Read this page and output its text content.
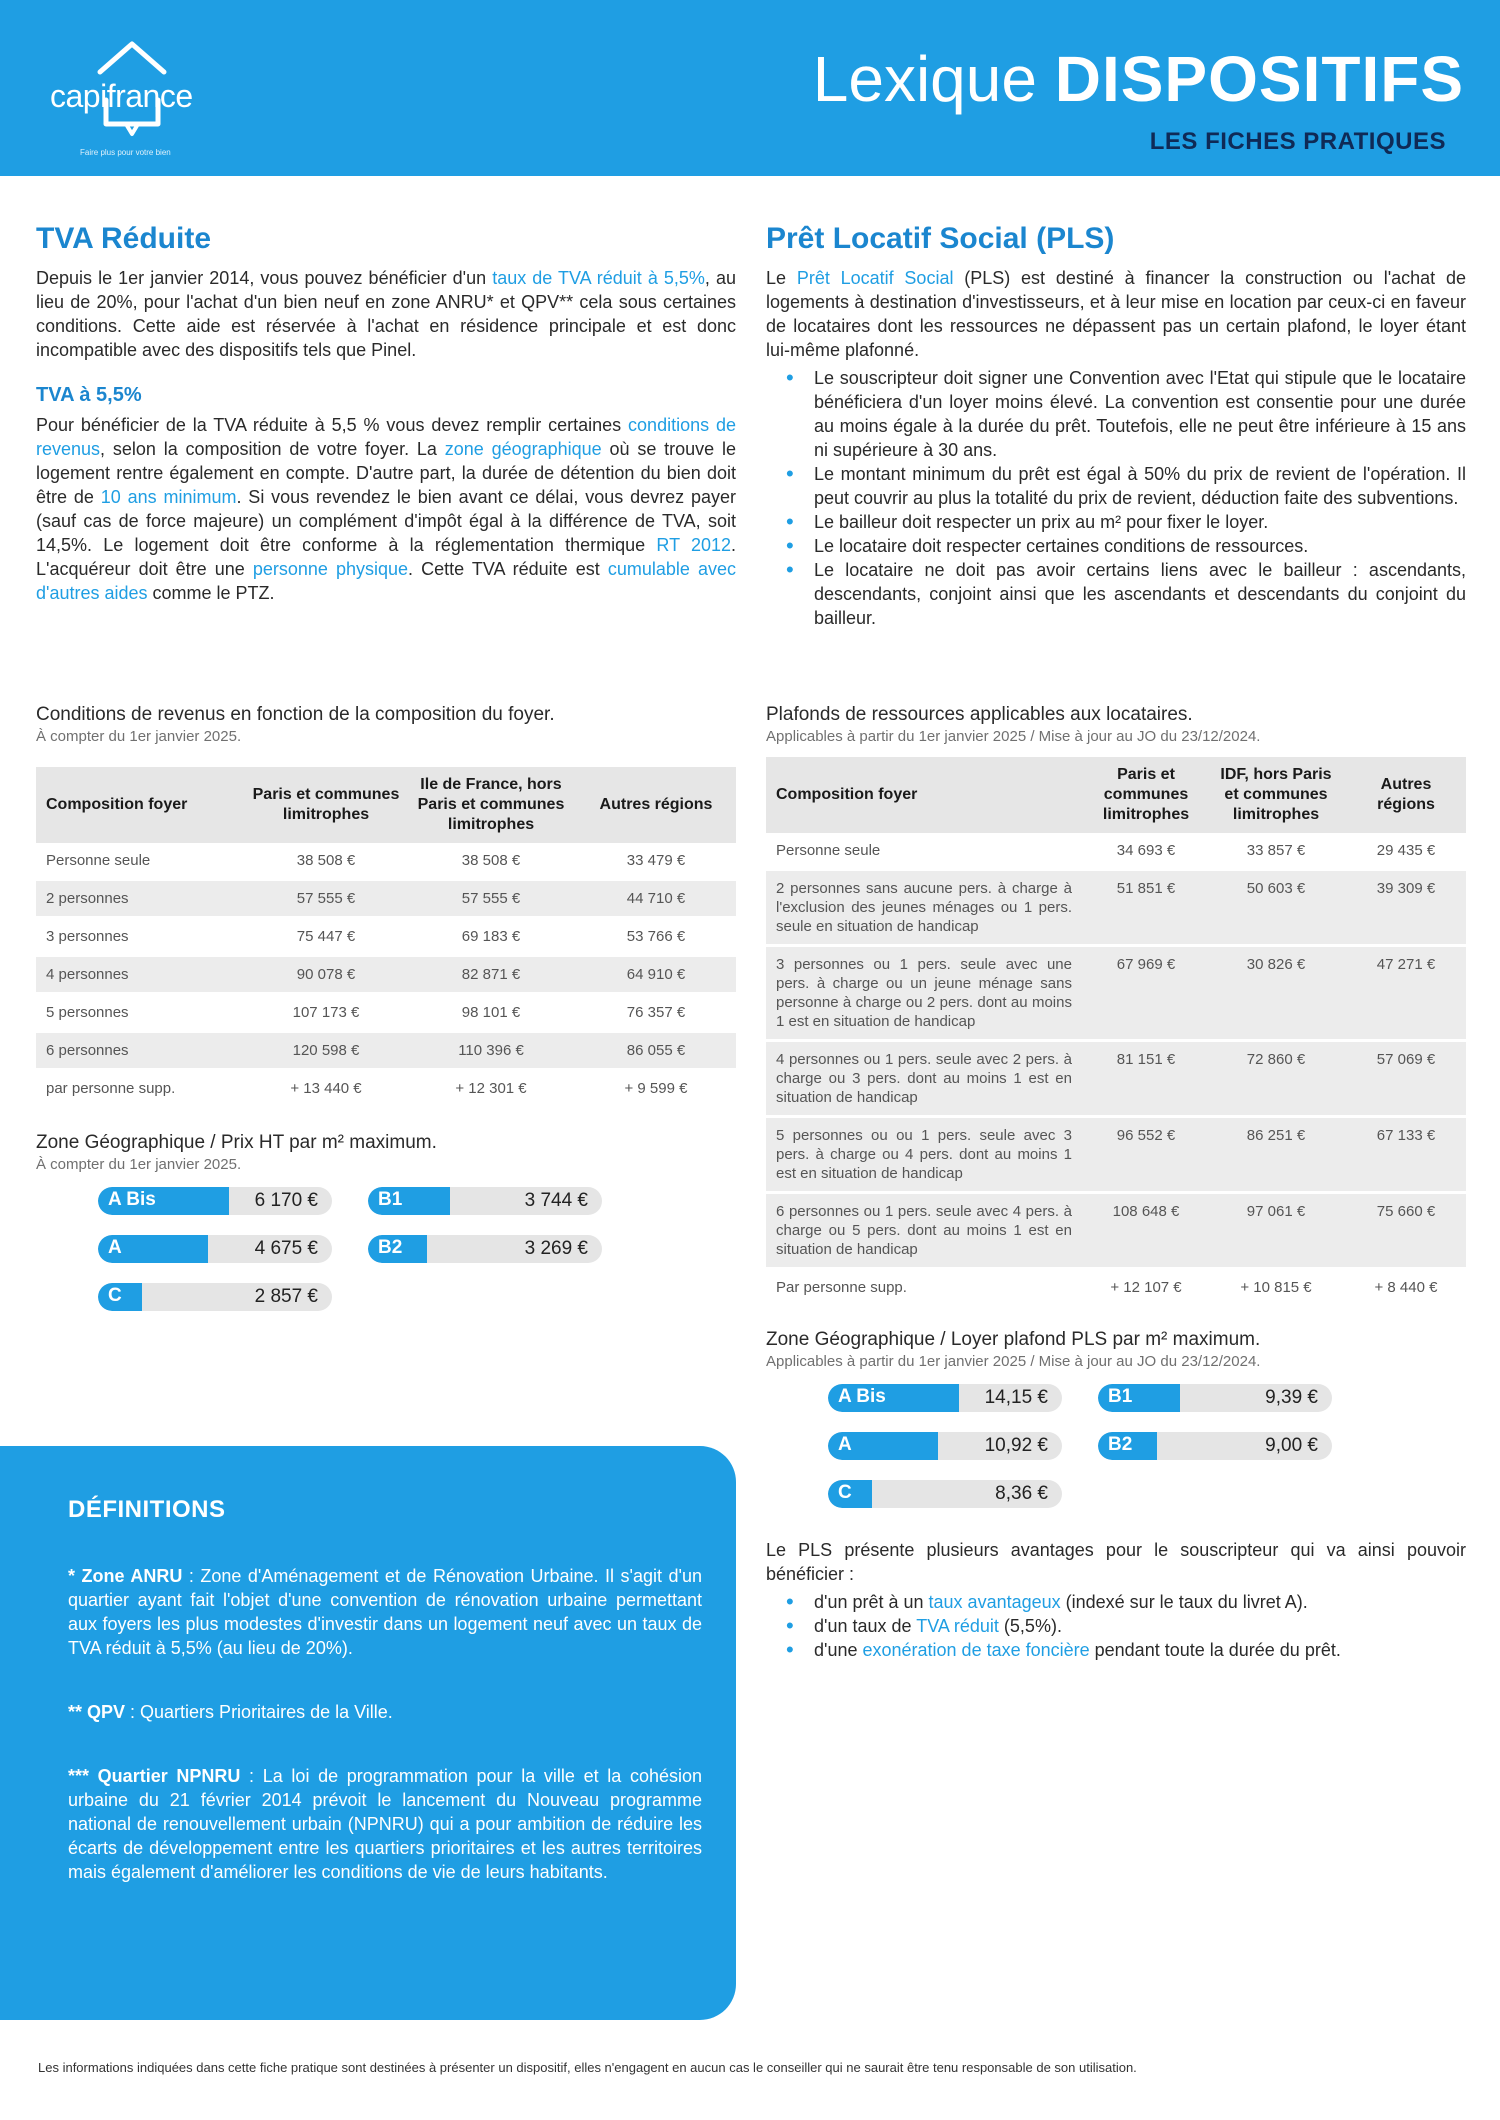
capifrance
Faire plus pour votre bien
Lexique DISPOSITIFS
LES FICHES PRATIQUES
TVA Réduite

Depuis le 1er janvier 2014, vous pouvez bénéficier d'un taux de TVA réduit à 5,5%, au lieu de 20%, pour l'achat d'un bien neuf en zone ANRU* et QPV** cela sous certaines conditions. Cette aide est réservée à l'achat en résidence principale et est donc incompatible avec des dispositifs tels que Pinel.

TVA à 5,5%

Pour bénéficier de la TVA réduite à 5,5 % vous devez remplir certaines conditions de revenus, selon la composition de votre foyer. La zone géographique où se trouve le logement rentre également en compte. D'autre part, la durée de détention du bien doit être de 10 ans minimum. Si vous revendez le bien avant ce délai, vous devrez payer (sauf cas de force majeure) un complément d'impôt égal à la différence de TVA, soit 14,5%. Le logement doit être conforme à la réglementation thermique RT 2012. L'acquéreur doit être une personne physique. Cette TVA réduite est cumulable avec d'autres aides comme le PTZ.

Conditions de revenus en fonction de la composition du foyer.
À compter du 1er janvier 2025.
Composition foyer	Paris et communes limitrophes	Ile de France, hors Paris et communes limitrophes	Autres régions
Personne seule	38 508 €	38 508 €	33 479 €
2 personnes	57 555 €	57 555 €	44 710 €
3 personnes	75 447 €	69 183 €	53 766 €
4 personnes	90 078 €	82 871 €	64 910 €
5 personnes	107 173 €	98 101 €	76 357 €
6 personnes	120 598 €	110 396 €	86 055 €
par personne supp.	+ 13 440 €	+ 12 301 €	+ 9 599 €
Zone Géographique / Prix HT par m² maximum.
À compter du 1er janvier 2025.
A Bis	6 170 €
A	4 675 €
C	2 857 €
B1	3 744 €
B2	3 269 €
DÉFINITIONS

* Zone ANRU : Zone d'Aménagement et de Rénovation Urbaine. Il s'agit d'un quartier ayant fait l'objet d'une convention de rénovation urbaine permettant aux foyers les plus modestes d'investir dans un logement neuf avec un taux de TVA réduit à 5,5% (au lieu de 20%).

** QPV : Quartiers Prioritaires de la Ville.

*** Quartier NPNRU : La loi de programmation pour la ville et la cohésion urbaine du 21 février 2014 prévoit le lancement du Nouveau programme national de renouvellement urbain (NPNRU) qui a pour ambition de réduire les écarts de développement entre les quartiers prioritaires et les autres territoires mais également d'améliorer les conditions de vie de leurs habitants.

Prêt Locatif Social (PLS)

Le Prêt Locatif Social (PLS) est destiné à financer la construction ou l'achat de logements à destination d'investisseurs, et à leur mise en location par ceux-ci en faveur de locataires dont les ressources ne dépassent pas un certain plafond, le loyer étant lui-même plafonné.

• Le souscripteur doit signer une Convention avec l'Etat qui stipule que le locataire bénéficiera d'un loyer moins élevé. La convention est consentie pour une durée au moins égale à la durée du prêt. Toutefois, elle ne peut être inférieure à 15 ans ni supérieure à 30 ans.
• Le montant minimum du prêt est égal à 50% du prix de revient de l'opération. Il peut couvrir au plus la totalité du prix de revient, déduction faite des subventions.
• Le bailleur doit respecter un prix au m² pour fixer le loyer.
• Le locataire doit respecter certaines conditions de ressources.
• Le locataire ne doit pas avoir certains liens avec le bailleur : ascendants, descendants, conjoint ainsi que les ascendants et descendants du conjoint du bailleur.
Plafonds de ressources applicables aux locataires.
Applicables à partir du 1er janvier 2025 / Mise à jour au JO du 23/12/2024.
Composition foyer	Paris et communes limitrophes	IDF, hors Paris et communes limitrophes	Autres régions
Personne seule	34 693 €	33 857 €	29 435 €
2 personnes sans aucune pers. à charge à l'exclusion des jeunes ménages ou 1 pers. seule en situation de handicap	51 851 €	50 603 €	39 309 €
3 personnes ou 1 pers. seule avec une pers. à charge ou un jeune ménage sans personne à charge ou 2 pers. dont au moins 1 est en situation de handicap	67 969 €	30 826 €	47 271 €
4 personnes ou 1 pers. seule avec 2 pers. à charge ou 3 pers. dont au moins 1 est en situation de handicap	81 151 €	72 860 €	57 069 €
5 personnes ou ou 1 pers. seule avec 3 pers. à charge ou 4 pers. dont au moins 1 est en situation de handicap	96 552 €	86 251 €	67 133 €
6 personnes ou 1 pers. seule avec 4 pers. à charge ou 5 pers. dont au moins 1 est en situation de handicap	108 648 €	97 061 €	75 660 €
Par personne supp.	+ 12 107 €	+ 10 815 €	+ 8 440 €
Zone Géographique / Loyer plafond PLS par m² maximum.
Applicables à partir du 1er janvier 2025 / Mise à jour au JO du 23/12/2024.
A Bis	14,15 €
A	10,92 €
C	8,36 €
B1	9,39 €
B2	9,00 €

Le PLS présente plusieurs avantages pour le souscripteur qui va ainsi pouvoir bénéficier :

• d'un prêt à un taux avantageux (indexé sur le taux du livret A).
• d'un taux de TVA réduit (5,5%).
• d'une exonération de taxe foncière pendant toute la durée du prêt.
Les informations indiquées dans cette fiche pratique sont destinées à présenter un dispositif, elles n'engagent en aucun cas le conseiller qui ne saurait être tenu responsable de son utilisation.
